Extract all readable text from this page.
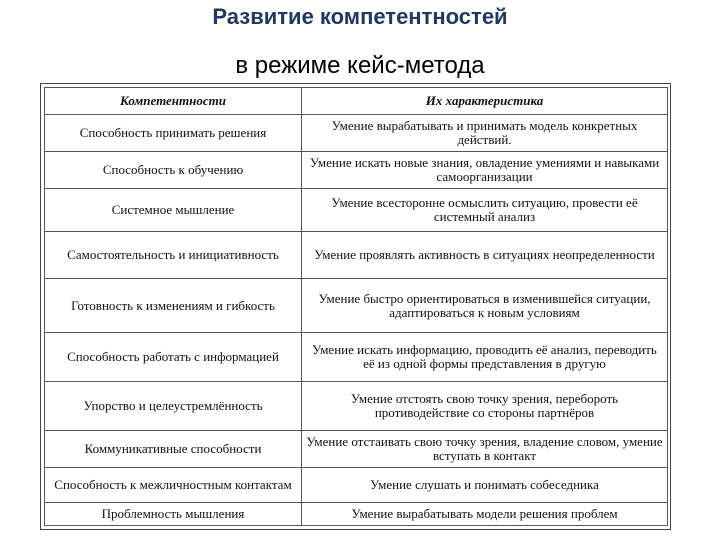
Развитие компетентностей
в режиме кейс-метода
Компетентности	Их характеристика
Способность принимать решения	Умение вырабатывать и принимать модель конкретных действий.
Способность к обучению	Умение искать новые знания, овладение умениями и навыками самоорганизации
Системное мышление	Умение всесторонне осмыслить ситуацию, провести её системный анализ
Самостоятельность и инициативность	Умение проявлять активность в ситуациях неопределенности
Готовность к изменениям и гибкость	Умение быстро ориентироваться в изменившейся ситуации, адаптироваться к новым условиям
Способность работать с информацией	Умение искать информацию, проводить её анализ, переводить её из одной формы представления в другую
Упорство и целеустремлённость	Умение отстоять свою точку зрения, перебороть противодействие со стороны партнёров
Коммуникативные способности	Умение отстаивать свою точку зрения, владение словом, умение вступать в контакт
Способность к межличностным контактам	Умение слушать и понимать собеседника
Проблемность мышления	Умение вырабатывать модели решения проблем
